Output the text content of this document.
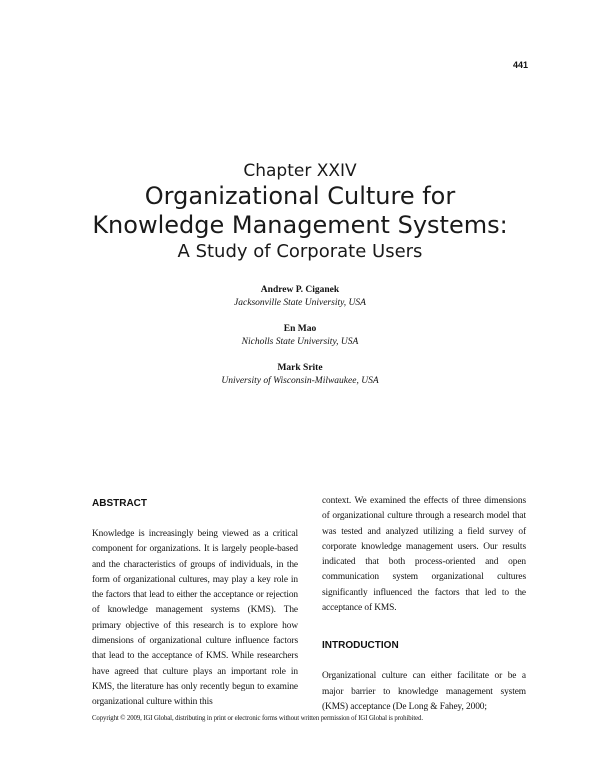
441
Chapter XXIV
Organizational Culture for
Knowledge Management Systems:
A Study of Corporate Users
Andrew P. Ciganek
Jacksonville State University, USA
En Mao
Nicholls State University, USA
Mark Srite
University of Wisconsin-Milwaukee, USA
ABSTRACT

Knowledge is increasingly being viewed as a critical component for organizations. It is largely people-based and the characteristics of groups of individuals, in the form of organizational cultures, may play a key role in the factors that lead to either the acceptance or rejection of knowledge management systems (KMS). The primary objective of this research is to explore how dimensions of organizational culture influence factors that lead to the acceptance of KMS. While researchers have agreed that culture plays an important role in KMS, the literature has only recently begun to examine organizational culture within this

context. We examined the effects of three dimensions of organizational culture through a research model that was tested and analyzed utilizing a field survey of corporate knowledge management users. Our results indicated that both process-oriented and open communication system organizational cultures significantly influenced the factors that led to the acceptance of KMS.

INTRODUCTION

Organizational culture can either facilitate or be a major barrier to knowledge management system (KMS) acceptance (De Long & Fahey, 2000;

Copyright © 2009, IGI Global, distributing in print or electronic forms without written permission of IGI Global is prohibited.
